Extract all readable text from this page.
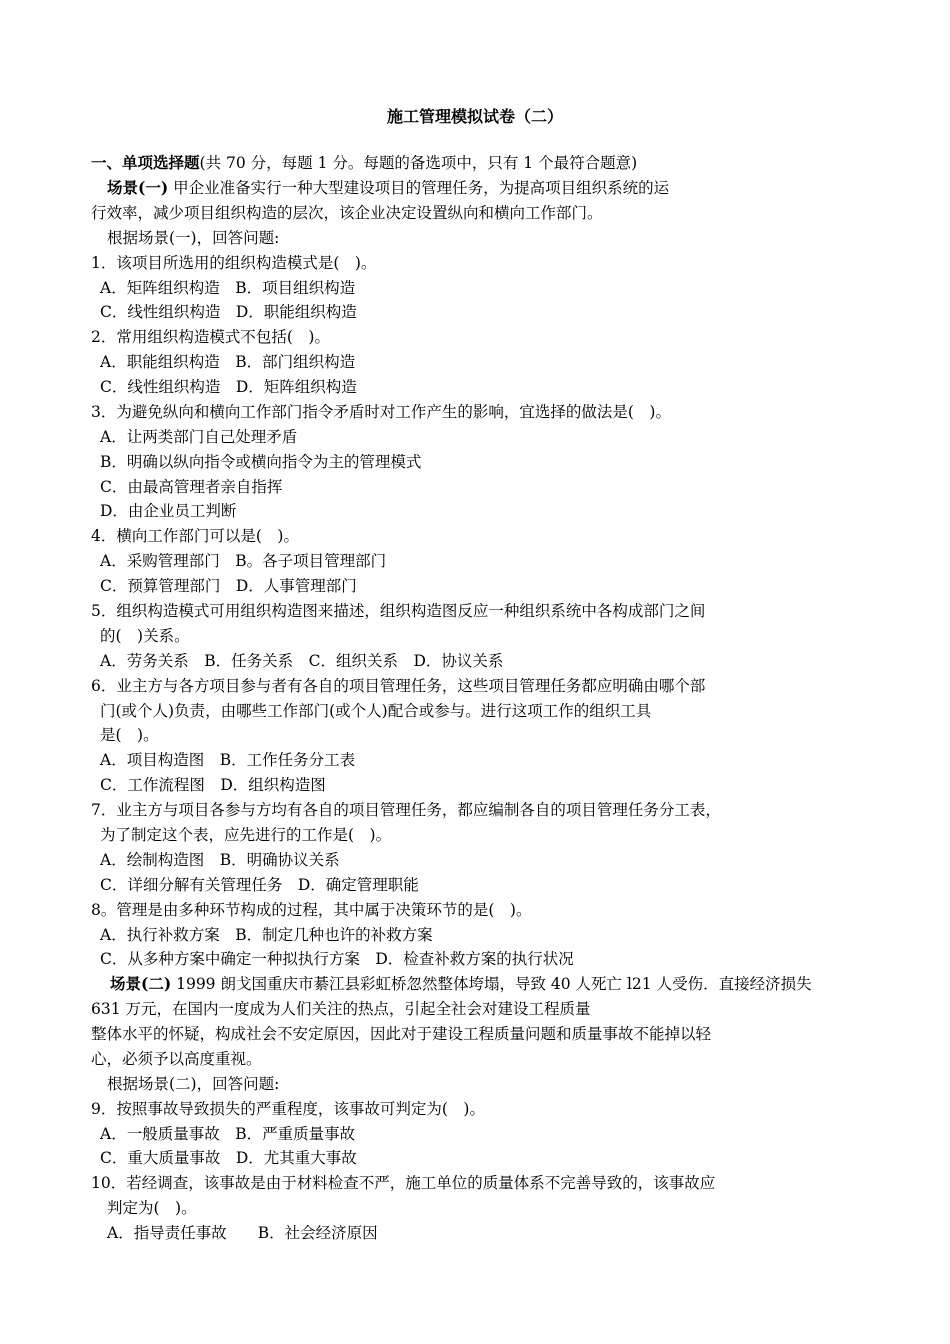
施工管理模拟试卷（二）
一、单项选择题(共 70 分，每题 1 分。每题的备选项中，只有 1 个最符合题意)
场景(一) 甲企业准备实行一种大型建设项目的管理任务，为提高项目组织系统的运
行效率，减少项目组织构造的层次，该企业决定设置纵向和横向工作部门。
根据场景(一)，回答问题:
1．该项目所选用的组织构造模式是(　)。
A．矩阵组织构造　B．项目组织构造
C．线性组织构造　D．职能组织构造
2．常用组织构造模式不包括(　)。
A．职能组织构造　B．部门组织构造
C．线性组织构造　D．矩阵组织构造
3．为避免纵向和横向工作部门指令矛盾时对工作产生的影响，宜选择的做法是(　)。
A．让两类部门自己处理矛盾
B．明确以纵向指令或横向指令为主的管理模式
C．由最高管理者亲自指挥
D．由企业员工判断
4．横向工作部门可以是(　)。
A．采购管理部门　B。各子项目管理部门
C．预算管理部门　D．人事管理部门
5．组织构造模式可用组织构造图来描述，组织构造图反应一种组织系统中各构成部门之间
的(　)关系。
A．劳务关系　B．任务关系　C．组织关系　D．协议关系
6．业主方与各方项目参与者有各自的项目管理任务，这些项目管理任务都应明确由哪个部
门(或个人)负责，由哪些工作部门(或个人)配合或参与。进行这项工作的组织工具
是(　)。
A．项目构造图　B．工作任务分工表
C．工作流程图　D．组织构造图
7．业主方与项目各参与方均有各自的项目管理任务，都应编制各自的项目管理任务分工表，
为了制定这个表，应先进行的工作是(　)。
A．绘制构造图　B．明确协议关系
C．详细分解有关管理任务　D．确定管理职能
8。管理是由多种环节构成的过程，其中属于决策环节的是(　)。
A．执行补救方案　B．制定几种也许的补救方案
C．从多种方案中确定一种拟执行方案　D．检查补救方案的执行状况
场景(二) 1999 朗戈国重庆市綦江县彩虹桥忽然整体垮塌，导致 40 人死亡 l21 人受伤．直接经济损失
631 万元，在国内一度成为人们关注的热点，引起全社会对建设工程质量
整体水平的怀疑，构成社会不安定原因，因此对于建设工程质量问题和质量事故不能掉以轻
心，必须予以高度重视。
根据场景(二)，回答问题:
9．按照事故导致损失的严重程度，该事故可判定为(　)。
A．一般质量事故　B．严重质量事故
C．重大质量事故　D．尤其重大事故
10．若经调查，该事故是由于材料检查不严，施工单位的质量体系不完善导致的，该事故应
判定为(　)。
A．指导责任事故　　B．社会经济原因
